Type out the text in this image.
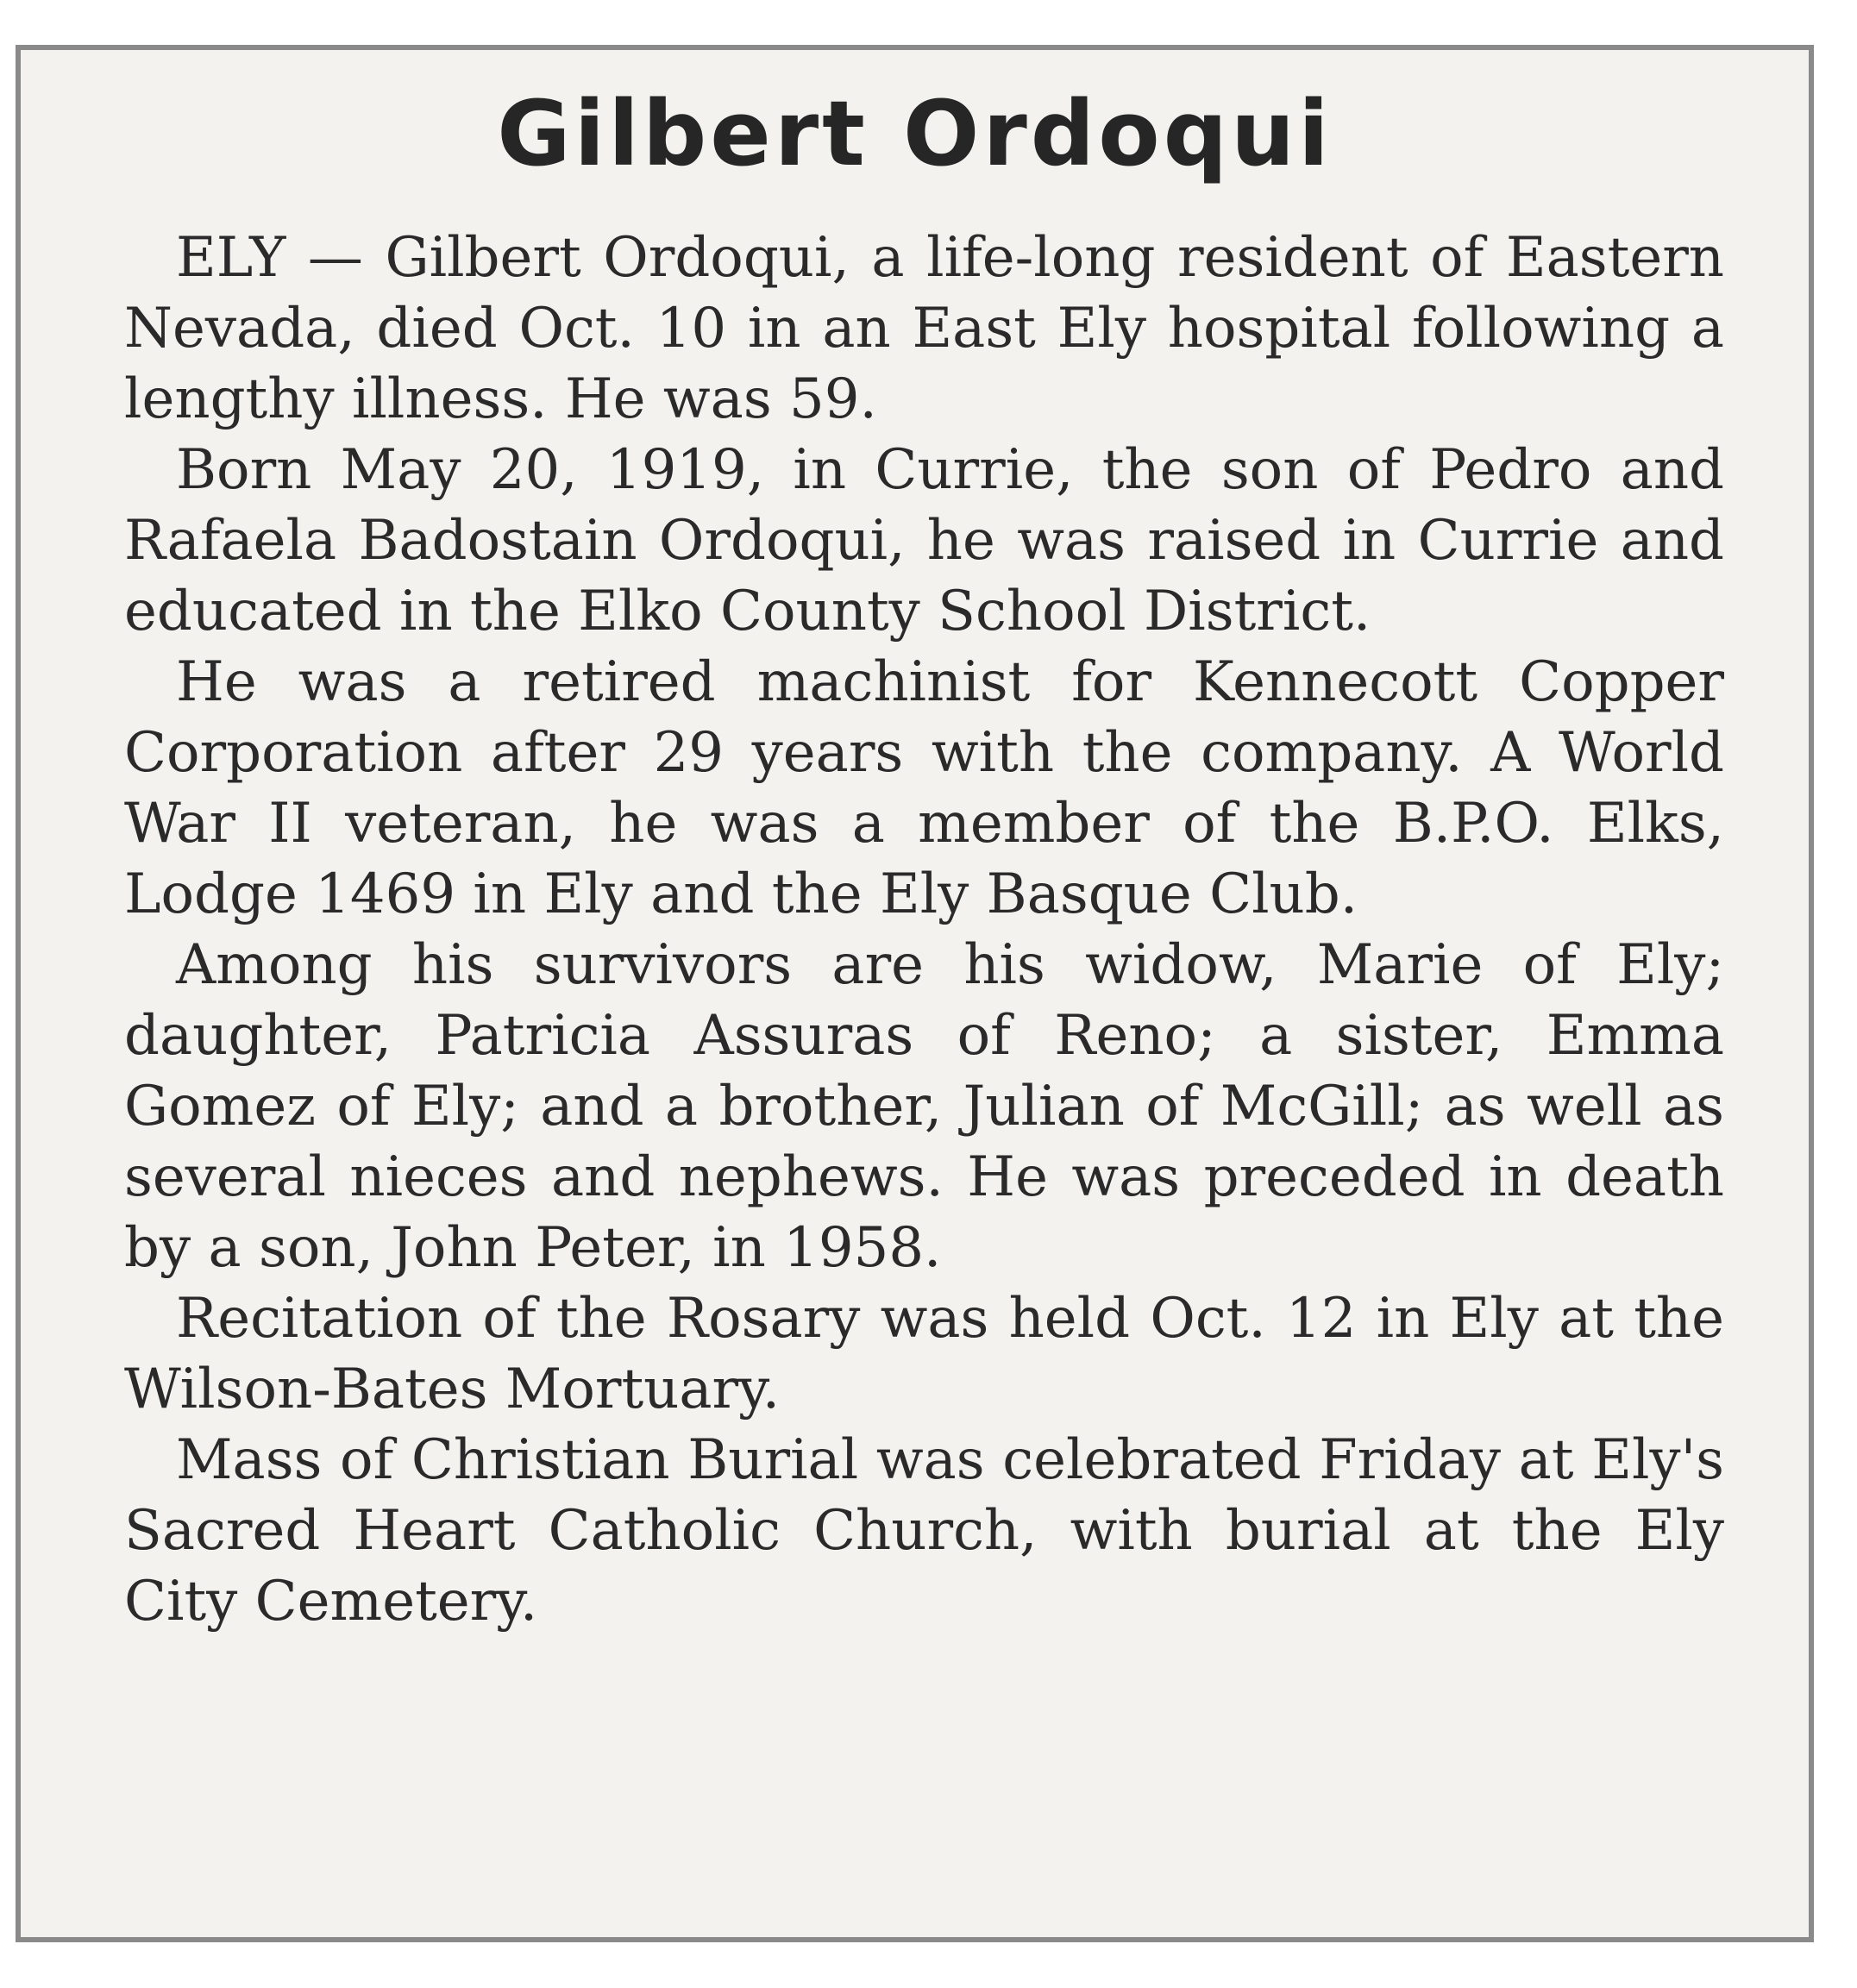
Gilbert Ordoqui

ELY — Gilbert Ordoqui, a life-long resident of Eastern Nevada, died Oct. 10 in an East Ely hospital following a lengthy illness. He was 59.

Born May 20, 1919, in Currie, the son of Pedro and Rafaela Badostain Ordoqui, he was raised in Currie and educated in the Elko County School District.

He was a retired machinist for Kennecott Copper Corporation after 29 years with the company. A World War II veteran, he was a member of the B.P.O. Elks, Lodge 1469 in Ely and the Ely Basque Club.

Among his survivors are his widow, Marie of Ely; daughter, Patricia Assuras of Reno; a sister, Emma Gomez of Ely; and a brother, Julian of McGill; as well as several nieces and nephews. He was preceded in death by a son, John Peter, in 1958.

Recitation of the Rosary was held Oct. 12 in Ely at the Wilson-Bates Mortuary.

Mass of Christian Burial was celebrated Friday at Ely's Sacred Heart Catholic Church, with burial at the Ely City Cemetery.
